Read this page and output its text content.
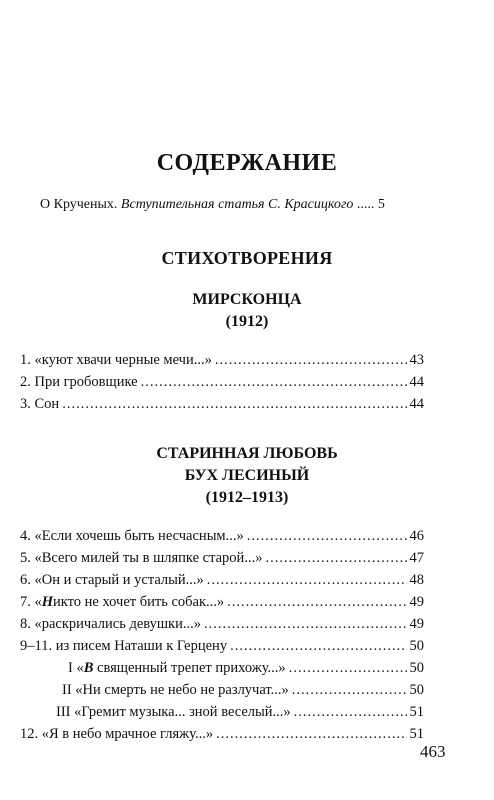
СОДЕРЖАНИЕ
О Крученых. Вступительная статья С. Красицкого ..... 5
СТИХОТВОРЕНИЯ
МИРСКОНЦА
(1912)
1. «куют хвачи черные мечи...» .....	43
2. При гробовщике .....	44
3. Сон .....	44
СТАРИННАЯ ЛЮБОВЬ
БУХ ЛЕСИНЫЙ
(1912–1913)
4. «Если хочешь быть несчасным...» .....	46
5. «Всего милей ты в шляпке старой...» .....	47
6. «Он и старый и усталый...» .....	48
7. «Никто не хочет бить собак...» .....	49
8. «раскричались девушки...» .....	49
9–11. из писем Наташи к Герцену .....	50
I «В священный трепет прихожу...» .....	50
II «Ни смерть не небо не разлучат...» .....	50
III «Гремит музыка... зной веселый...» .....	51
12. «Я в небо мрачное гляжу...» .....	51
463
